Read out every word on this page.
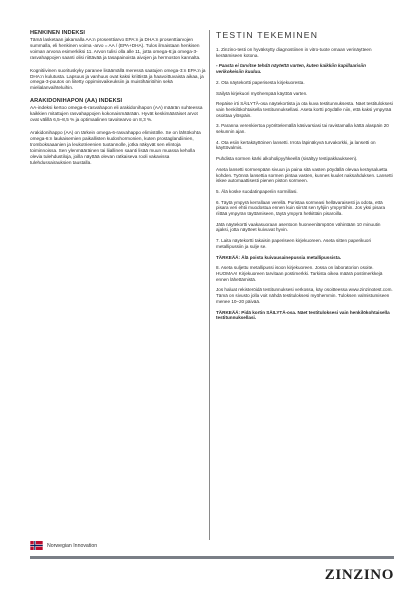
HENKINEN INDEKSI

Tämä lasketaan jakamalla AA:n prosenttiarvo EPA:n ja DHA:n prosenttiarvojen summalla, eli henkinen voima -arvo = AA / (EPA+DHA). Tulos ilmaistaan henkisen voiman arvona esimerkiksi 11. Arvon tulisi olla alle 11, jotta omega-6:ja omega-3-rasvahappojen saanti olisi riittävää ja tasapainoista aivojen ja hermoston kannalta.

Kognitiivinen suorituskyky paranee lisäämällä meressä saatujen omega-3:n EPA:n ja DHA:n kulutusta. Lapsuus ja vanhuus ovat kaksi kriittistä ja haavoittuvaista aikaa, ja omega-3-puutos on liitetty oppimisvaikeuksiin ja muistihäiriöihin sekä mielialanvaihteluihin.

ARAKIDONIHAPON (AA) INDEKSI

AA-indeksi kertoo omega-6-rasvahapon eli arakidonihapon (AA) määrän suhteessa kaikkien mitattujen rasvahappojen kokonaismäärään. Hyvät keskimääräiset arvot ovat välillä 6,5–8,5 % ja optimaalinen tavoitearvo on 8,3 %.

Arakidonihappo (AA) on tärkein omega-6-rasvahappo elimistölle. Se on lähtökohta omega-6:n laukaisemien paikallisten kudoshormonien, kuten prostaglandiinien, tromboksaaanien ja leukotrieenien tuotannolle, jotka näkyvät sen elintoja toiminnoissa. Sen ylenmääräinen tai liiallinen saanti lisää muun muassa keholla olevia tulehdustiloja, joilla näyttää olevan ratkaiseva rooli vakavissa tulehdussairauksien taustalla.

TESTIN TEKEMINEN

1. Zinzino-testi on hyväksytty diagnostiinen in vitro-tuote omaan verinäytteen keräämiseen kotona.

- Paasta ei tarvitse tehdä näytettä varten, kuten kaikkiin kapillaarisiin verikokeisiin kuuluu.

2. Ota näytekortti paperisesta kirjekuoresta.

Säilytä kirjekuori myöhempää käyttöä varten.

Repäise irti SÄILYTÄ-osa näytekortista ja ota kuva testitunnuksesta. Näet testituloksesi vain henkilökohtaisella testitunnuksellasi. Aseta kortti pöydälle niin, että kaksi ympyrää osoittaa ylöspäin.

3. Paranna verenkiertoa pyörittelemällä käsivarsiasi tai ravistamalla kättä alaspäin 20 sekunnin ajan.

4. Ota esiin kertakäyttöinen lansetti. Irrota läpinäkyvä turvakorkki, ja lansetti on käyttövalmis.

Puhdista sormen kärki alkoholipyyhkeellä (sisältyy testipakkaukseen).

Aseta lansetti sormenpään sivuun ja paina sitä vasten pöydällä olevaa keräysaluetta kohden. Työnnä lansettia sormen pintaa vasten, kunnes kuulet naksahduksen. Lansetti iskee automaattisesti pienen piston sormeen.

5. Älä koske suodatinpaperiin sormillasi.

6. Täytä ympyrä kerrallaan verellä. Puristaa sormeasi hellävaraisesti ja odota, että pisara veri ehtii muodostua ennen kuin siirrät sen tyhjiin ympyröihin. Jos yksi pisara riittää ympyrän täyttämiseen, täytä ympyrä hetkittäin pisaroilla.

Jätä näytekortti vaakasuoraan asentoon huoneenlämpöön vähintään 10 minuutin ajaksi, jotta näytteet kuivuvat hyvin.

7. Laita näytekortti takaisin paperiseen kirjekuoreen. Aseta sitten paperikuori metallipussiin ja sulje se.

TÄRKEÄÄ: Älä poista kuivausainepussia metallipussista.

8. Aseta suljettu metallipussi isoon kirjekuoreen. Jossa on laboratorion osoite. HUOMAA! Kirjekuoreen tarvitaan postimerkki. Tarkista oikea määrä postimerkkejä ennen lähettämistä.

Jos haluat rekisteröidä testitunnuksesi verkossa, käy osoitteessa www.zinzinotest.com. Tämä on sivusto jolla voit nähdä testituloksesi myöhemmin. Tuloksen valmistumiseen menee 10–20 päivää.

TÄRKEÄÄ: Pidä kortin SÄILYTÄ-osa. Näet testituloksesi vain henkilökohtaisella testitunnuksellasi.

Norwegian Innovation
ZINZINO
